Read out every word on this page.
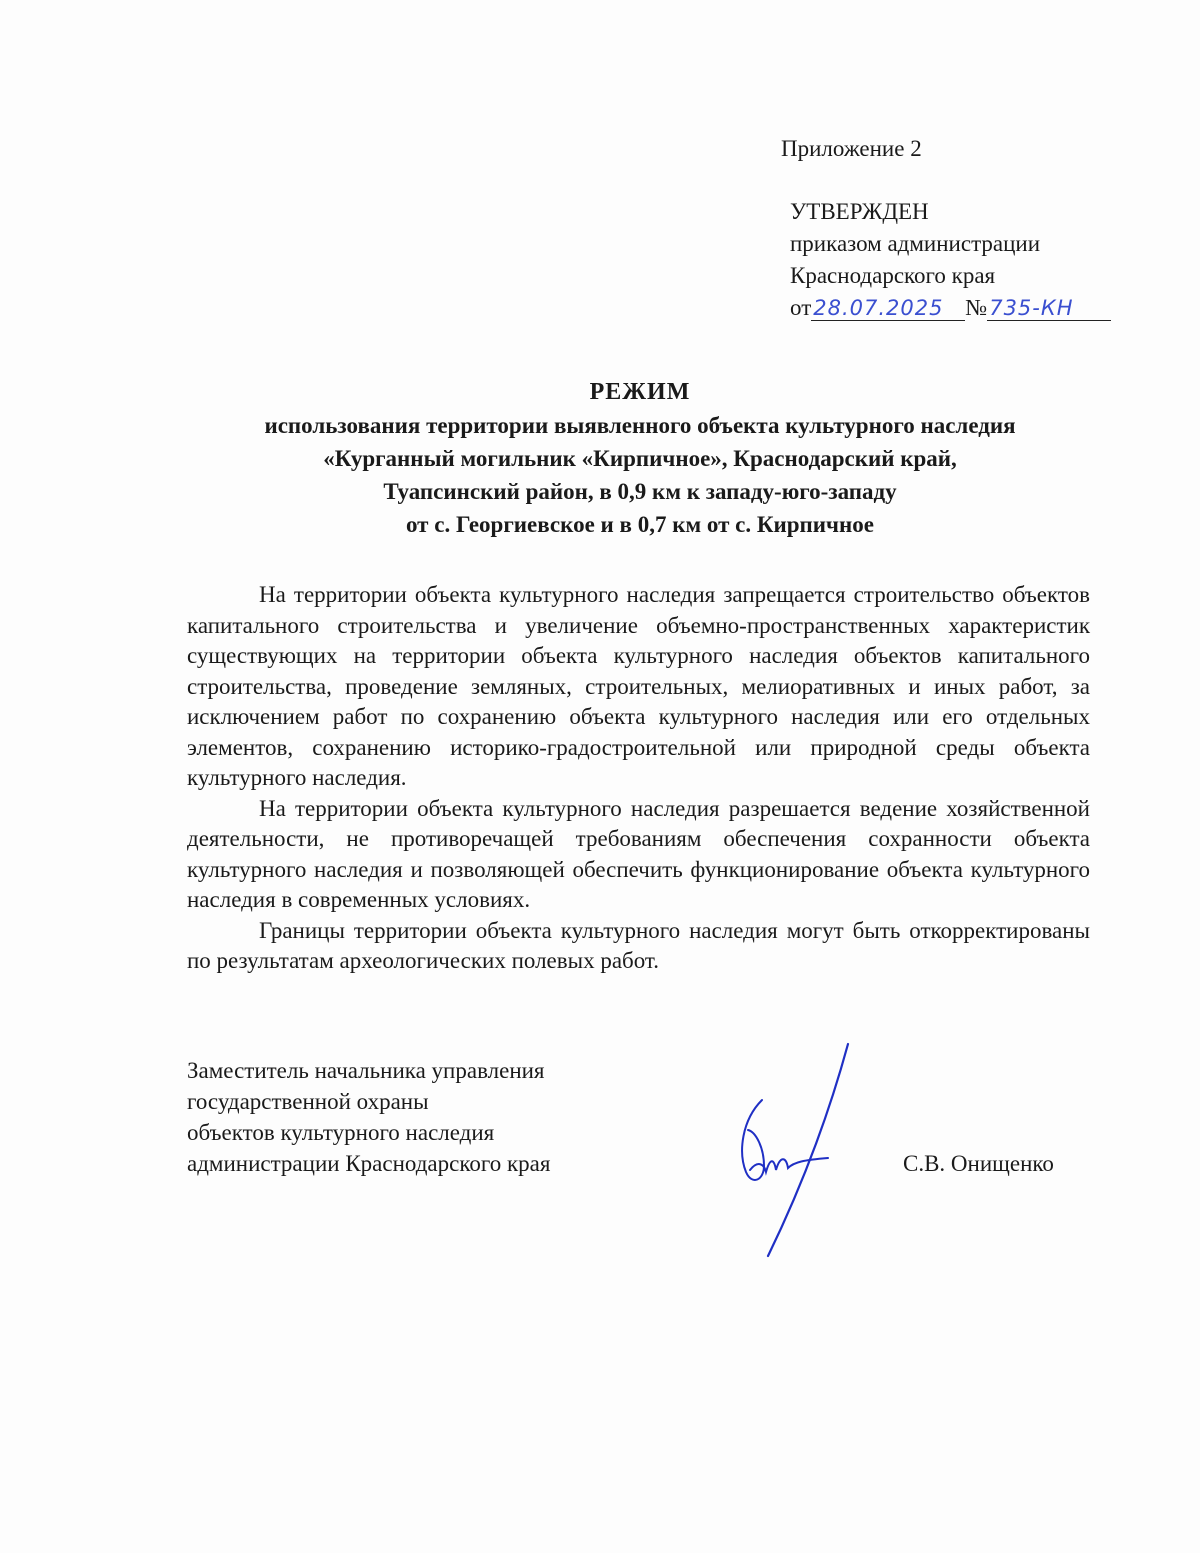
Приложение 2
УТВЕРЖДЕН
приказом администрации
Краснодарского края
от28.07.2025 №735-КН
РЕЖИМ
использования территории выявленного объекта культурного наследия
«Курганный могильник «Кирпичное», Краснодарский край,
Туапсинский район, в 0,9 км к западу-юго-западу
от с. Георгиевское и в 0,7 км от с. Кирпичное

На территории объекта культурного наследия запрещается строительство объектов капитального строительства и увеличение объемно-пространственных характеристик существующих на территории объекта культурного наследия объектов капитального строительства, проведение земляных, строительных, мелиоративных и иных работ, за исключением работ по сохранению объекта культурного наследия или его отдельных элементов, сохранению историко-градостроительной или природной среды объекта культурного наследия.

На территории объекта культурного наследия разрешается ведение хозяйственной деятельности, не противоречащей требованиям обеспечения сохранности объекта культурного наследия и позволяющей обеспечить функционирование объекта культурного наследия в современных условиях.

Границы территории объекта культурного наследия могут быть откорректированы по результатам археологических полевых работ.

Заместитель начальника управления
государственной охраны
объектов культурного наследия
администрации Краснодарского края	С.В. Онищенко
